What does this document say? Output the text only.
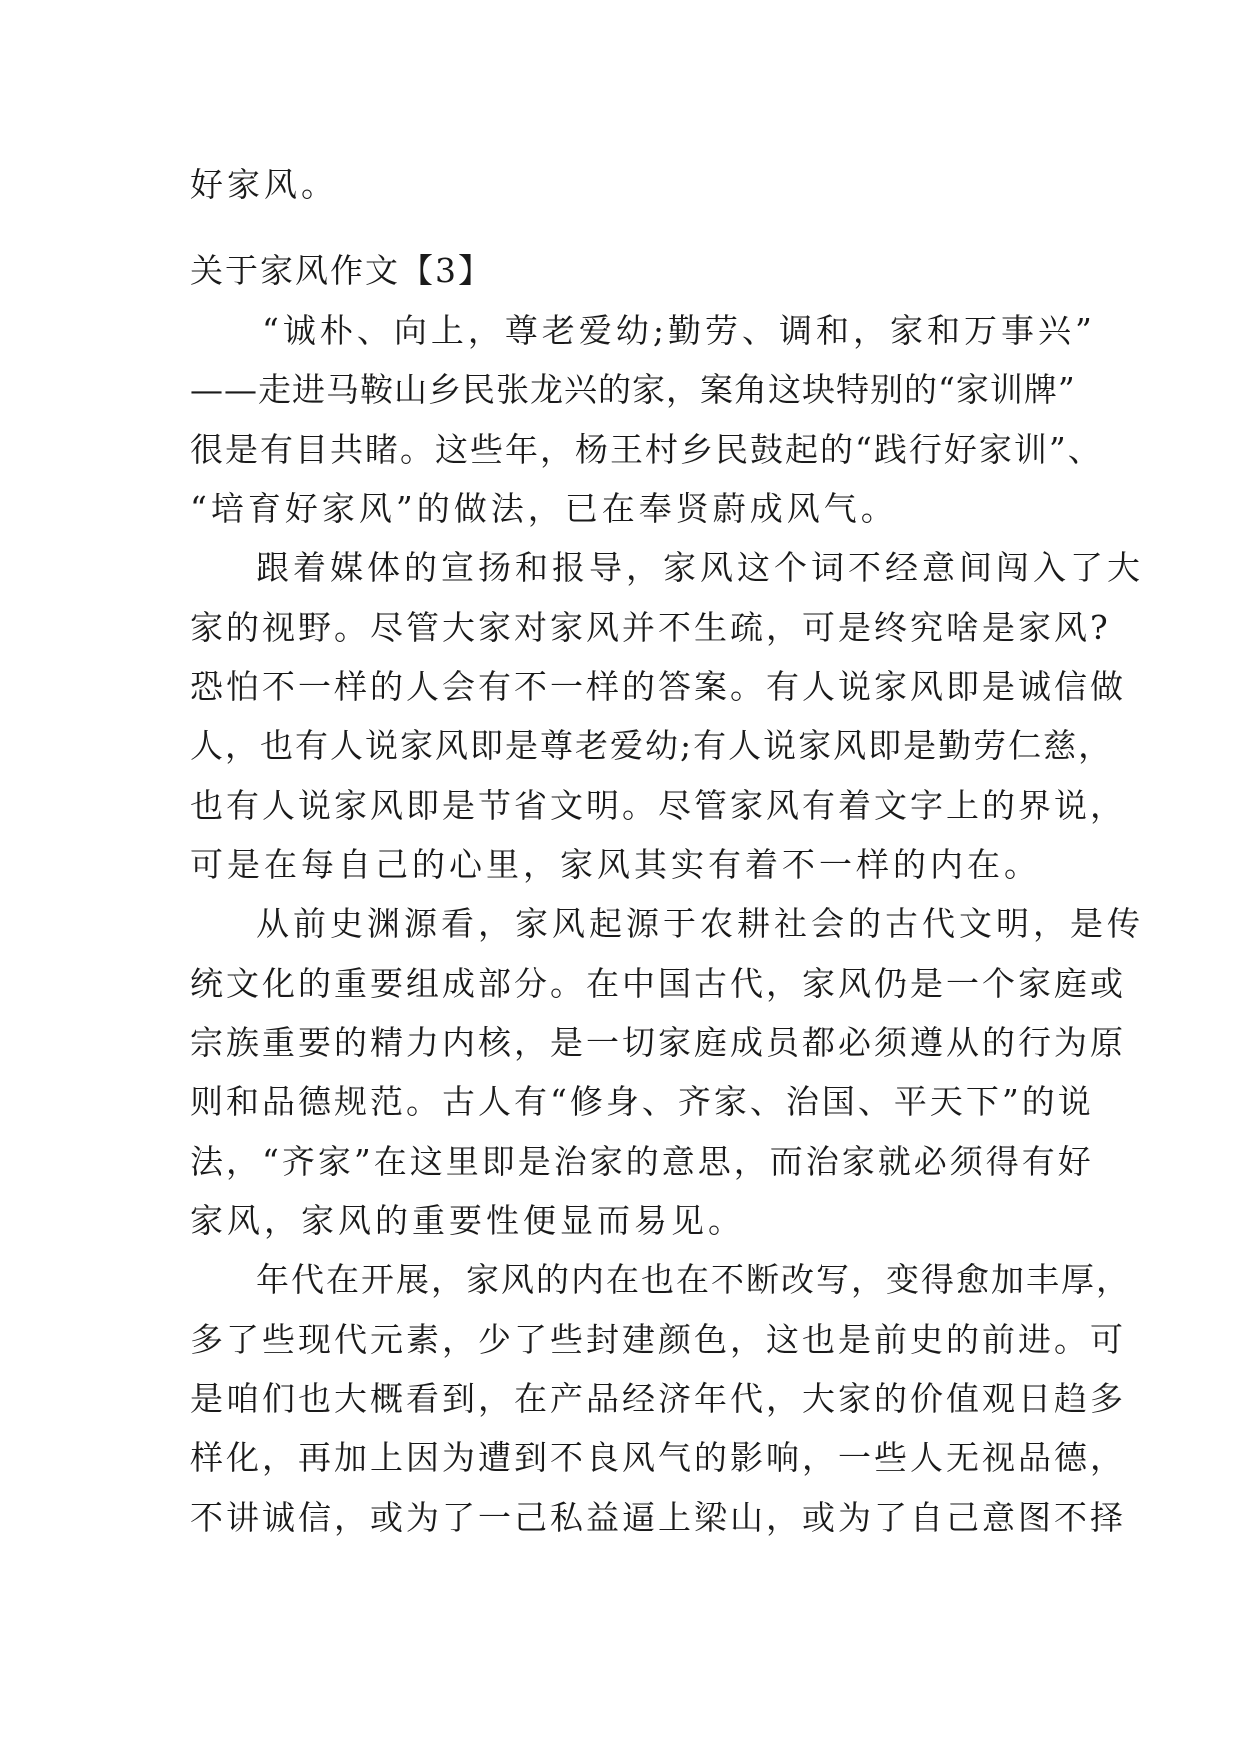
好家风。
关于家风作文【3】
“诚朴、向上，尊老爱幼;勤劳、调和，家和万事兴”
——走进马鞍山乡民张龙兴的家，案角这块特别的“家训牌”
很是有目共睹。这些年，杨王村乡民鼓起的“践行好家训”、
“培育好家风”的做法，已在奉贤蔚成风气。
跟着媒体的宣扬和报导，家风这个词不经意间闯入了大
家的视野。尽管大家对家风并不生疏，可是终究啥是家风?
恐怕不一样的人会有不一样的答案。有人说家风即是诚信做
人，也有人说家风即是尊老爱幼;有人说家风即是勤劳仁慈，
也有人说家风即是节省文明。尽管家风有着文字上的界说，
可是在每自己的心里，家风其实有着不一样的内在。
从前史渊源看，家风起源于农耕社会的古代文明，是传
统文化的重要组成部分。在中国古代，家风仍是一个家庭或
宗族重要的精力内核，是一切家庭成员都必须遵从的行为原
则和品德规范。古人有“修身、齐家、治国、平天下”的说
法，“齐家”在这里即是治家的意思，而治家就必须得有好
家风，家风的重要性便显而易见。
年代在开展，家风的内在也在不断改写，变得愈加丰厚，
多了些现代元素，少了些封建颜色，这也是前史的前进。可
是咱们也大概看到，在产品经济年代，大家的价值观日趋多
样化，再加上因为遭到不良风气的影响，一些人无视品德，
不讲诚信，或为了一己私益逼上梁山，或为了自己意图不择
